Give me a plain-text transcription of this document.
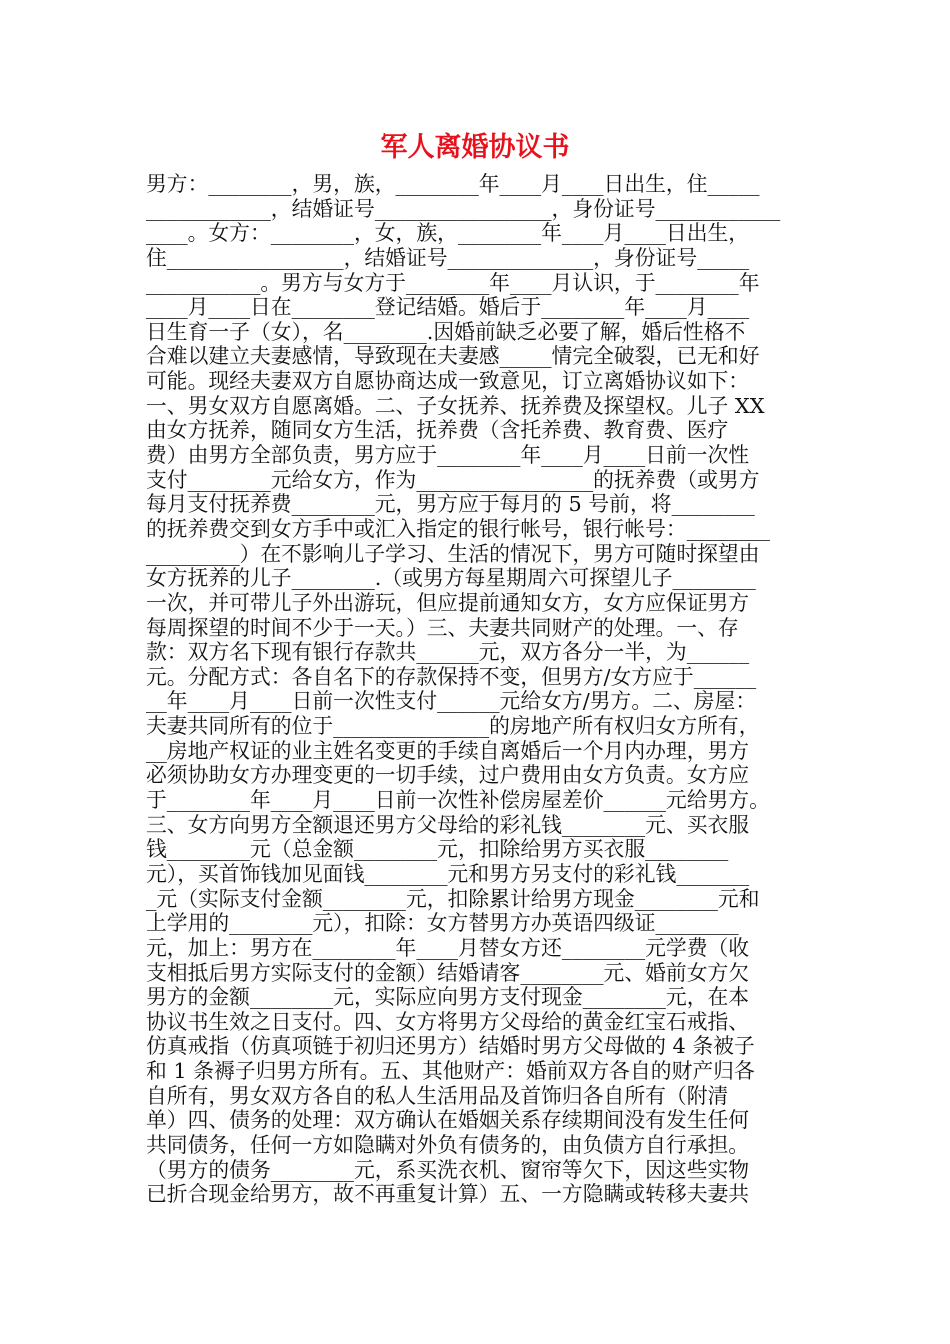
军人离婚协议书
男方：________，男，族，________年____月____日出生，住_____
____________，结婚证号_________________，身份证号____________
____。女方：________，女，族，________年____月____日出生，
住_________________，结婚证号______________，身份证号_____
___________。男方与女方于________年____月认识，于________年
____月____日在________登记结婚。婚后于________年____月____
日生育一子（女），名________.因婚前缺乏必要了解，婚后性格不
合难以建立夫妻感情，导致现在夫妻感_____情完全破裂，已无和好
可能。现经夫妻双方自愿协商达成一致意见，订立离婚协议如下：
一、男女双方自愿离婚。二、子女抚养、抚养费及探望权。儿子 XX
由女方抚养，随同女方生活，抚养费（含托养费、教育费、医疗
费）由男方全部负责，男方应于________年____月____日前一次性
支付________元给女方，作为_________________的抚养费（或男方
每月支付抚养费________元，男方应于每月的 5 号前，将________
的抚养费交到女方手中或汇入指定的银行帐号，银行帐号：________
_________）在不影响儿子学习、生活的情况下，男方可随时探望由
女方抚养的儿子________.（或男方每星期周六可探望儿子________
一次，并可带儿子外出游玩，但应提前通知女方，女方应保证男方
每周探望的时间不少于一天。）三、夫妻共同财产的处理。一、存
款：双方名下现有银行存款共______元，双方各分一半，为______
元。分配方式：各自名下的存款保持不变，但男方/女方应于______
__年____月____日前一次性支付______元给女方/男方。二、房屋：
夫妻共同所有的位于_______________的房地产所有权归女方所有，
__房地产权证的业主姓名变更的手续自离婚后一个月内办理，男方
必须协助女方办理变更的一切手续，过户费用由女方负责。女方应
于________年____月____日前一次性补偿房屋差价______元给男方。
三、女方向男方全额退还男方父母给的彩礼钱________元、买衣服
钱________元（总金额________元，扣除给男方买衣服________
元），买首饰钱加见面钱________元和男方另支付的彩礼钱_______
_元（实际支付金额________元，扣除累计给男方现金________元和
上学用的________元），扣除：女方替男方办英语四级证________
元，加上：男方在________年____月替女方还________元学费（收
支相抵后男方实际支付的金额）结婚请客________元、婚前女方欠
男方的金额________元，实际应向男方支付现金________元，在本
协议书生效之日支付。四、女方将男方父母给的黄金红宝石戒指、
仿真戒指（仿真项链于初归还男方）结婚时男方父母做的 4 条被子
和 1 条褥子归男方所有。五、其他财产：婚前双方各自的财产归各
自所有，男女双方各自的私人生活用品及首饰归各自所有（附清
单）四、债务的处理：双方确认在婚姻关系存续期间没有发生任何
共同债务，任何一方如隐瞒对外负有债务的，由负债方自行承担。
（男方的债务________元，系买洗衣机、窗帘等欠下，因这些实物
已折合现金给男方，故不再重复计算）五、一方隐瞒或转移夫妻共
